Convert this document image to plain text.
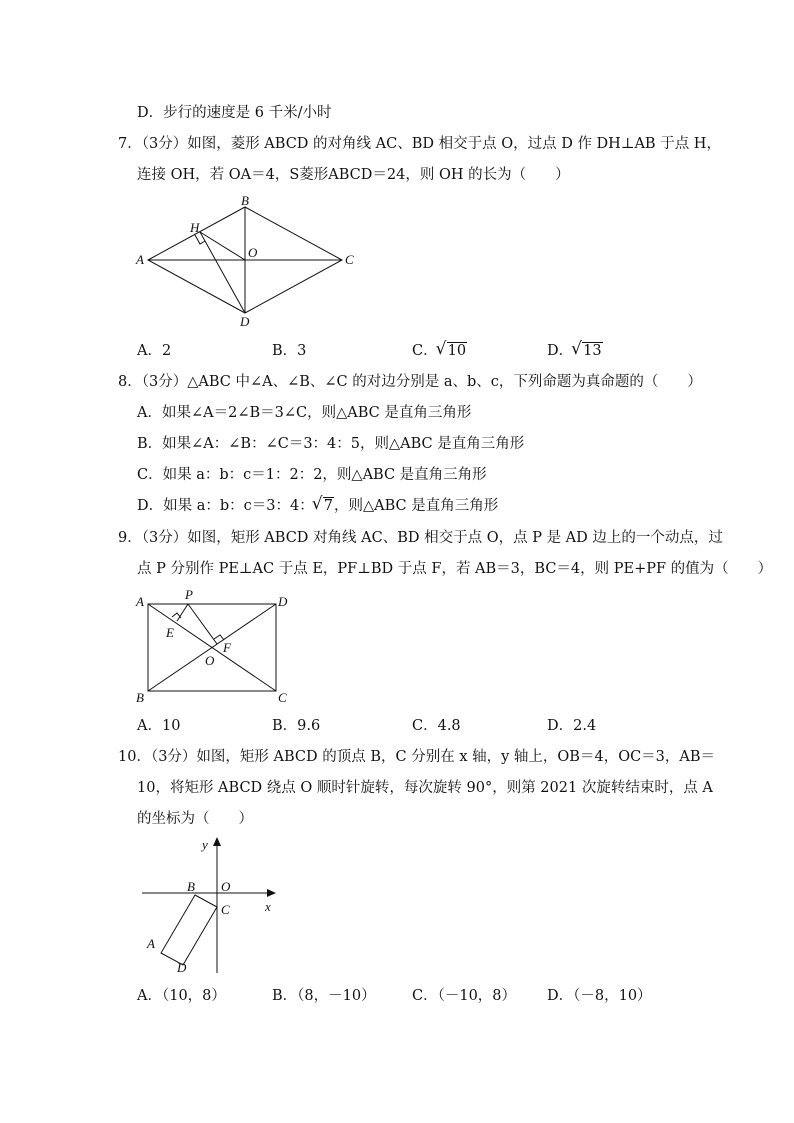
D．步行的速度是 6 千米/小时
7．（3分）如图，菱形 ABCD 的对角线 AC、BD 相交于点 O，过点 D 作 DH⊥AB 于点 H，
连接 OH，若 OA＝4，S菱形ABCD＝24，则 OH 的长为（　　）
A
B
C
D
H
O
A．2	B．3	C． √ 10	D． √ 13
8．（3分）△ABC 中∠A、∠B、∠C 的对边分别是 a、b、c，下列命题为真命题的（　　）
A．如果∠A＝2∠B＝3∠C，则△ABC 是直角三角形
B．如果∠A：∠B：∠C＝3：4：5，则△ABC 是直角三角形
C．如果 a：b：c＝1：2：2，则△ABC 是直角三角形
D．如果 a：b：c＝3：4： √ 7，则△ABC 是直角三角形
9．（3分）如图，矩形 ABCD 对角线 AC、BD 相交于点 O，点 P 是 AD 边上的一个动点，过
点 P 分别作 PE⊥AC 于点 E，PF⊥BD 于点 F，若 AB＝3，BC＝4，则 PE+PF 的值为（　　）
A
B	C
D
E
F
O
P
A．10	B．9.6	C．4.8	D．2.4
10．（3分）如图，矩形 ABCD 的顶点 B，C 分别在 x 轴，y 轴上，OB＝4，OC＝3，AB＝
10，将矩形 ABCD 绕点 O 顺时针旋转，每次旋转 90°，则第 2021 次旋转结束时，点 A
的坐标为（　　）
y
x
B O
C
A
D
A．（10，8）	B．（8，－10）	C．（－10，8） D．（－8，10）
